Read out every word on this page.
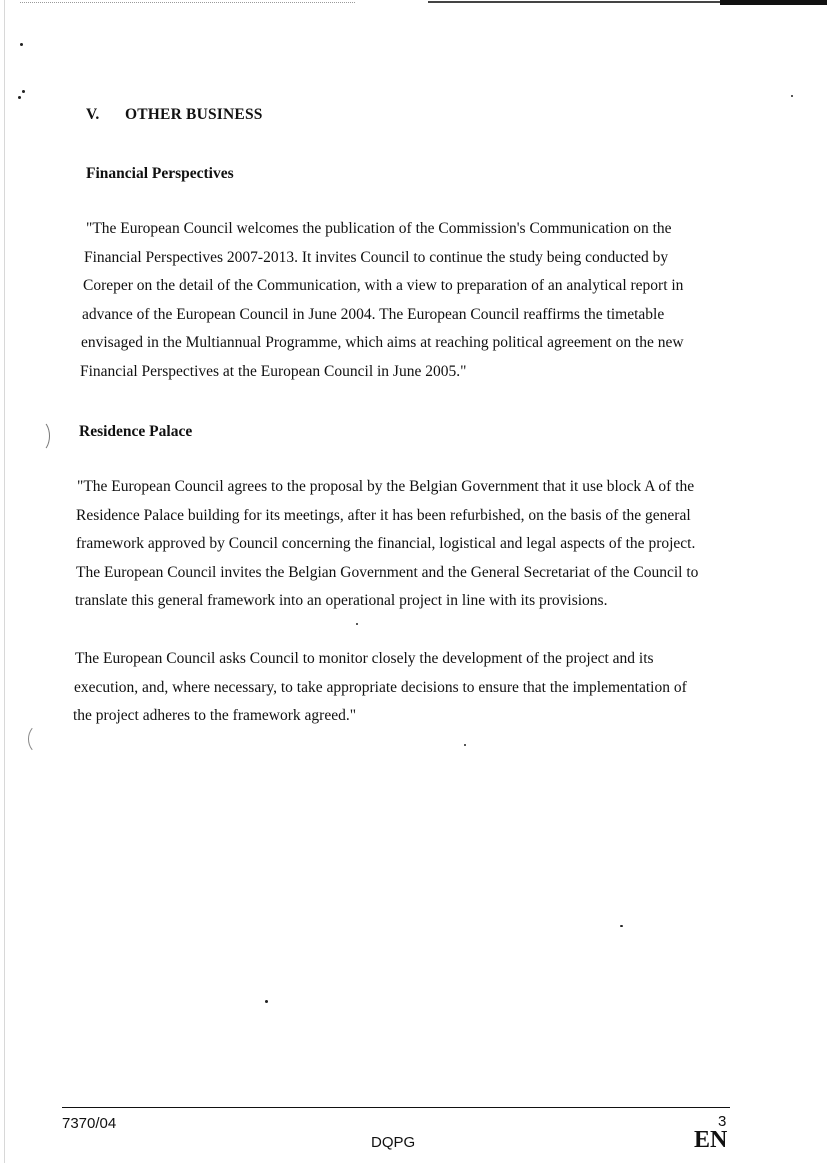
V. OTHER BUSINESS
Financial Perspectives
"The European Council welcomes the publication of the Commission's Communication on the
Financial Perspectives 2007-2013. It invites Council to continue the study being conducted by
Coreper on the detail of the Communication, with a view to preparation of an analytical report in
advance of the European Council in June 2004. The European Council reaffirms the timetable
envisaged in the Multiannual Programme, which aims at reaching political agreement on the new
Financial Perspectives at the European Council in June 2005."
Residence Palace
"The European Council agrees to the proposal by the Belgian Government that it use block A of the
Residence Palace building for its meetings, after it has been refurbished, on the basis of the general
framework approved by Council concerning the financial, logistical and legal aspects of the project.
The European Council invites the Belgian Government and the General Secretariat of the Council to
translate this general framework into an operational project in line with its provisions.
The European Council asks Council to monitor closely the development of the project and its
execution, and, where necessary, to take appropriate decisions to ensure that the implementation of
the project adheres to the framework agreed."
7370/04
DQPG
3
EN
